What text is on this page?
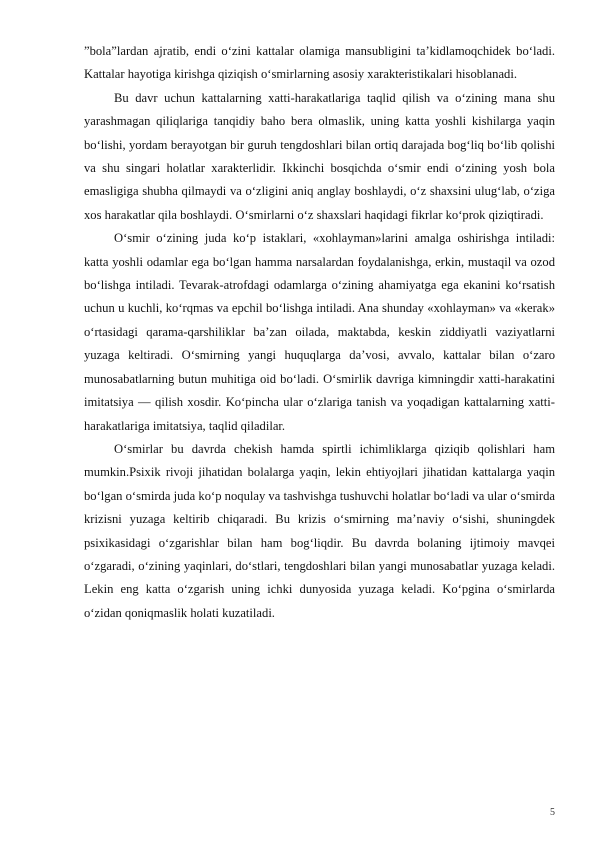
”bola”lardan ajratib, endi o‘zini kattalar olamiga mansubligini ta’kidlamoqchidek bo‘ladi. Kattalar hayotiga kirishga qiziqish o‘smirlarning asosiy xarakteristikalari hisoblanadi.

Bu davr uchun kattalarning xatti-harakatlariga taqlid qilish va o‘zining mana shu yarashmagan qiliqlariga tanqidiy baho bera olmaslik, uning katta yoshli kishilarga yaqin bo‘lishi, yordam berayotgan bir guruh tengdoshlari bilan ortiq darajada bog‘liq bo‘lib qolishi va shu singari holatlar xarakterlidir. Ikkinchi bosqichda o‘smir endi o‘zining yosh bola emasligiga shubha qilmaydi va o‘zligini aniq anglay boshlaydi, o‘z shaxsini ulug‘lab, o‘ziga xos harakatlar qila boshlaydi. O‘smirlarni o‘z shaxslari haqidagi fikrlar ko‘prok qiziqtiradi.

O‘smir o‘zining juda ko‘p istaklari, «xohlayman»larini amalga oshirishga intiladi: katta yoshli odamlar ega bo‘lgan hamma narsalardan foydalanishga, erkin, mustaqil va ozod bo‘lishga intiladi. Tevarak-atrofdagi odamlarga o‘zining ahamiyatga ega ekanini ko‘rsatish uchun u kuchli, ko‘rqmas va epchil bo‘lishga intiladi. Ana shunday «xohlayman» va «kerak» o‘rtasidagi qarama-qarshiliklar ba’zan oilada, maktabda, keskin ziddiyatli vaziyatlarni yuzaga keltiradi. O‘smirning yangi huquqlarga da’vosi, avvalo, kattalar bilan o‘zaro munosabatlarning butun muhitiga oid bo‘ladi. O‘smirlik davriga kimningdir xatti-harakatini imitatsiya — qilish xosdir. Ko‘pincha ular o‘zlariga tanish va yoqadigan kattalarning xatti-harakatlariga imitatsiya, taqlid qiladilar.

O‘smirlar bu davrda chekish hamda spirtli ichimliklarga qiziqib qolishlari ham mumkin.Psixik rivoji jihatidan bolalarga yaqin, lekin ehtiyojlari jihatidan kattalarga yaqin bo‘lgan o‘smirda juda ko‘p noqulay va tashvishga tushuvchi holatlar bo‘ladi va ular o‘smirda krizisni yuzaga keltirib chiqaradi. Bu krizis o‘smirning ma’naviy o‘sishi, shuningdek psixikasidagi o‘zgarishlar bilan ham bog‘liqdir. Bu davrda bolaning ijtimoiy mavqei o‘zgaradi, o‘zining yaqinlari, do‘stlari, tengdoshlari bilan yangi munosabatlar yuzaga keladi. Lekin eng katta o‘zgarish uning ichki dunyosida yuzaga keladi. Ko‘pgina o‘smirlarda o‘zidan qoniqmaslik holati kuzatiladi.

5
